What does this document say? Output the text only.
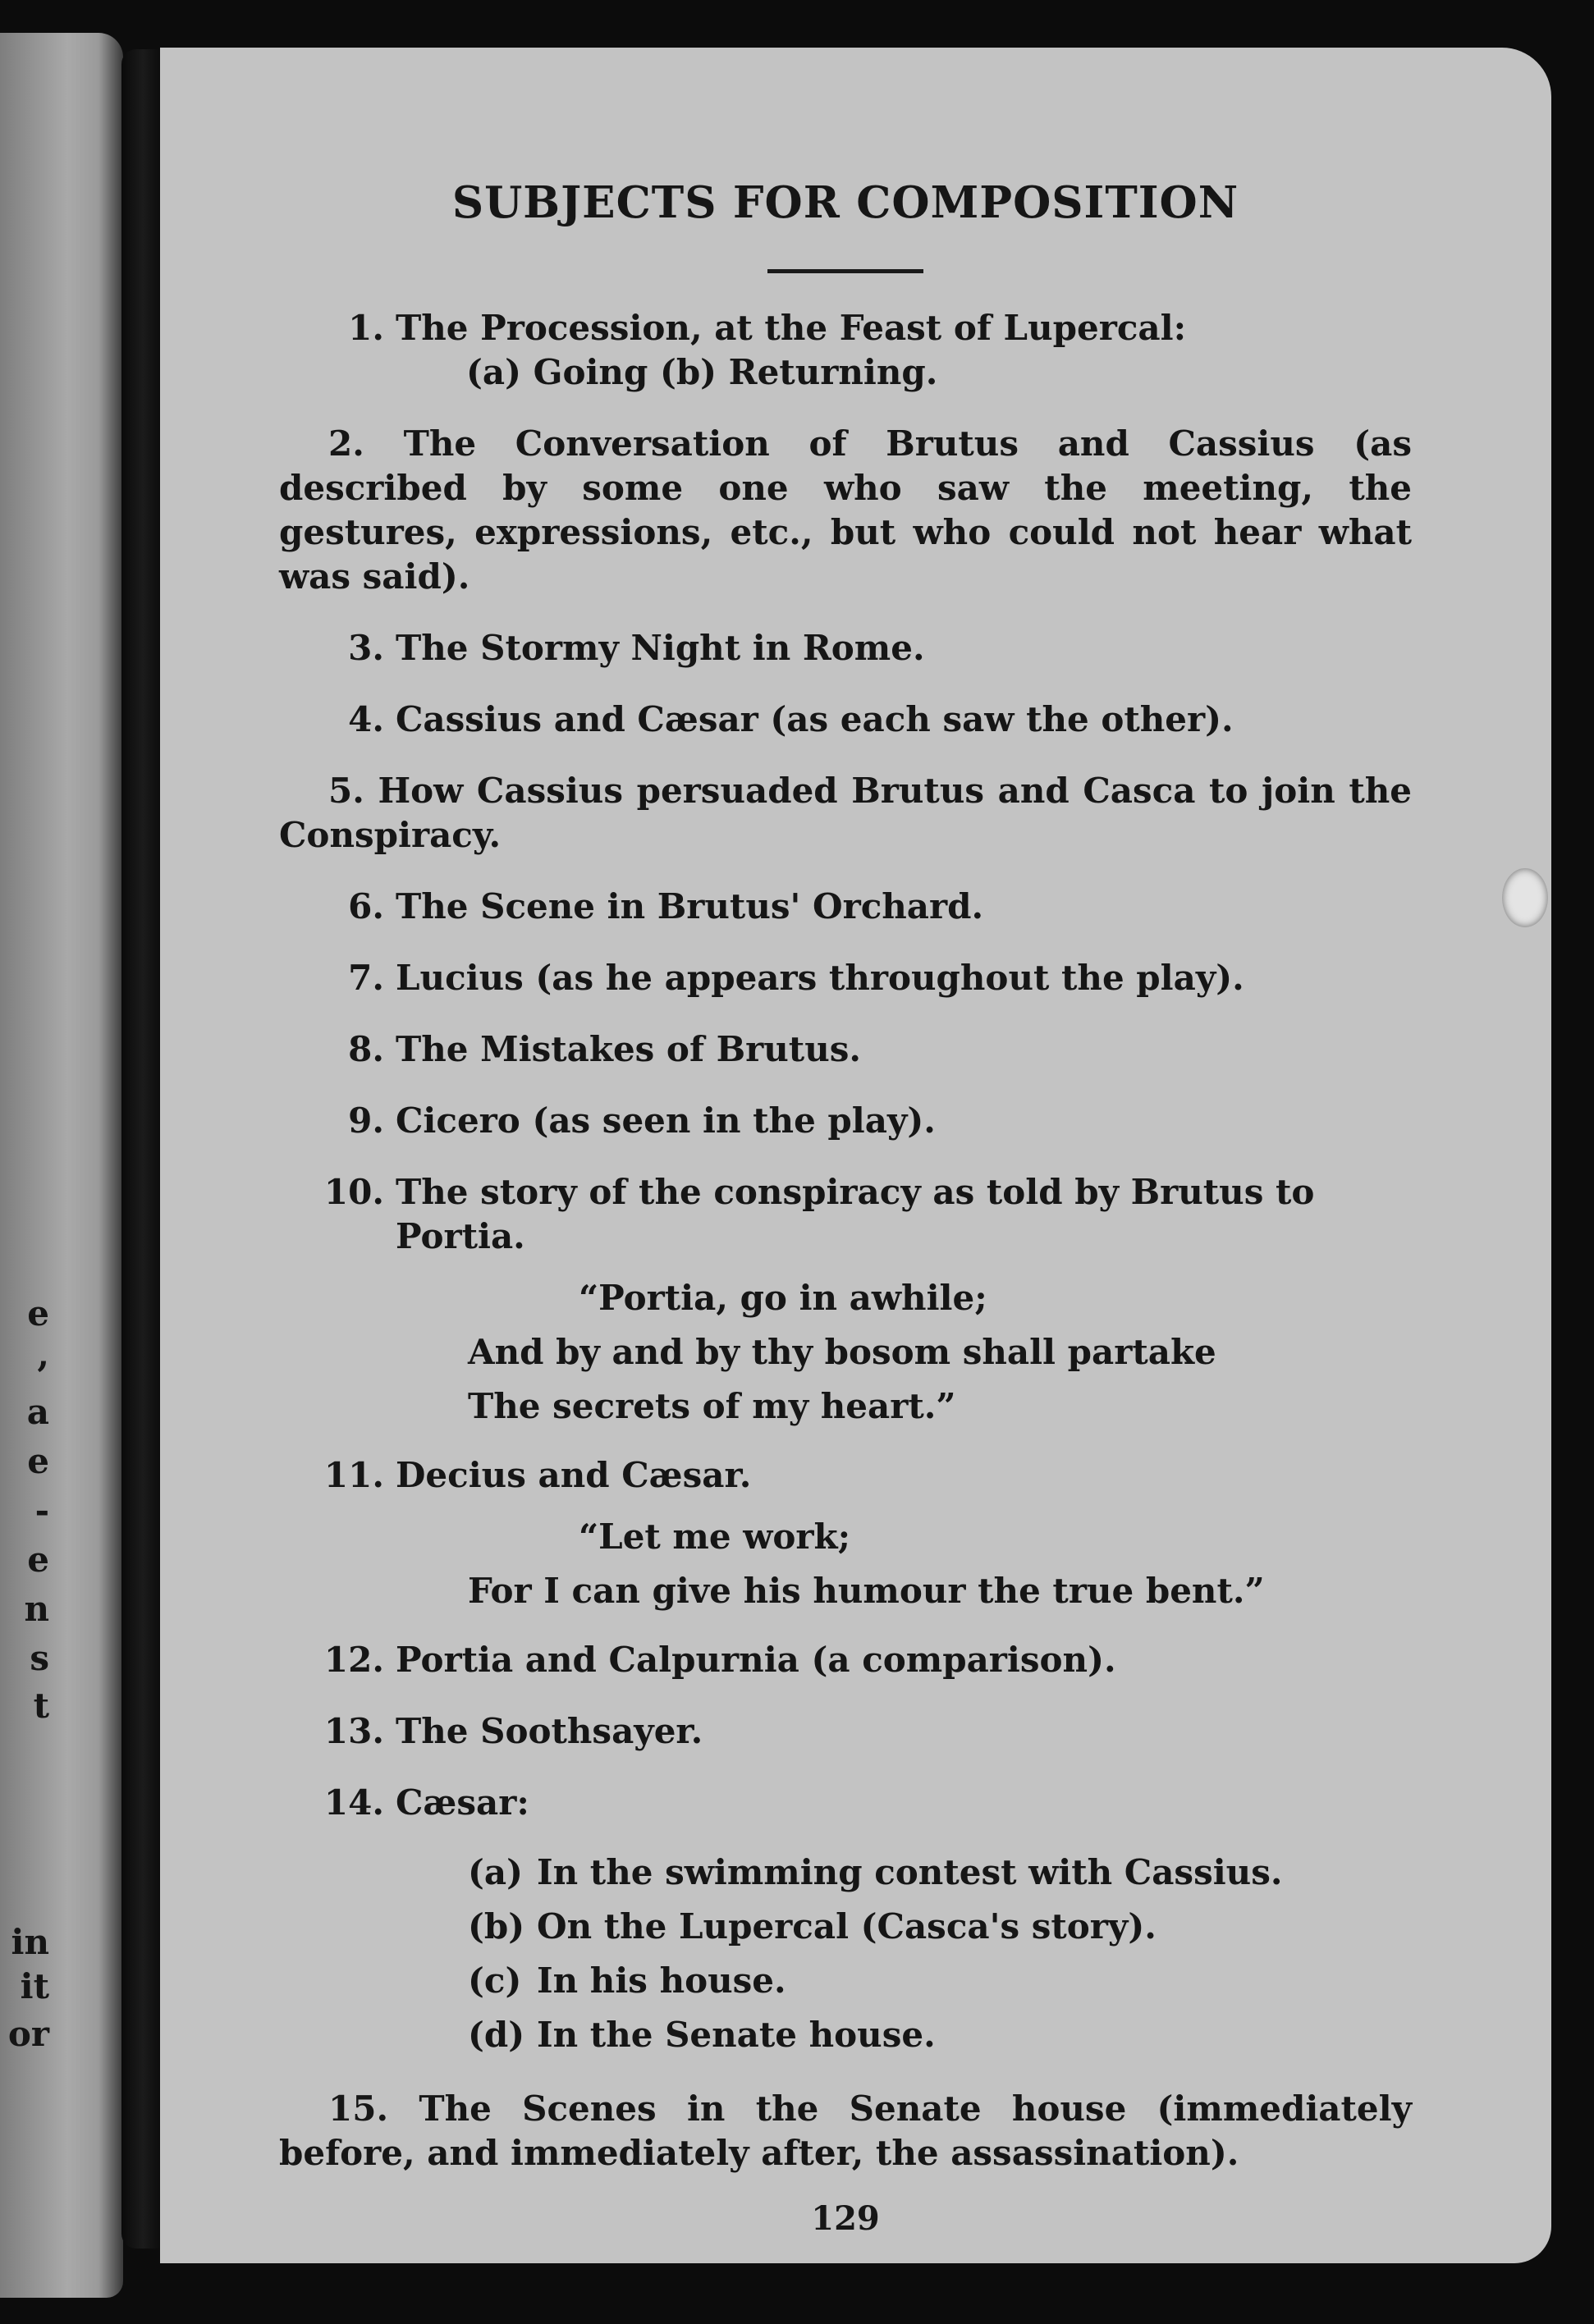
e
,
a
e
-
e
n
s
t
in
it
or
SUBJECTS FOR COMPOSITION
1. The Procession, at the Feast of Lupercal:

(a) Going (b) Returning.

2. The Conversation of Brutus and Cassius (as described by some one who saw the meeting, the gestures, expressions, etc., but who could not hear what was said).

3. The Stormy Night in Rome.
4. Cassius and Cæsar (as each saw the other).

5. How Cassius persuaded Brutus and Casca to join the Conspiracy.

6. The Scene in Brutus' Orchard.
7. Lucius (as he appears throughout the play).
8. The Mistakes of Brutus.
9. Cicero (as seen in the play).
10. The story of the conspiracy as told by Brutus to Portia.
“Portia, go in awhile;
And by and by thy bosom shall partake
The secrets of my heart.”
11. Decius and Cæsar.
“Let me work;
For I can give his humour the true bent.”
12. Portia and Calpurnia (a comparison).
13. The Soothsayer.
14. Cæsar:
(a) In the swimming contest with Cassius.
(b) On the Lupercal (Casca's story).
(c) In his house.
(d) In the Senate house.

15. The Scenes in the Senate house (immediately before, and immediately after, the assassination).

129
